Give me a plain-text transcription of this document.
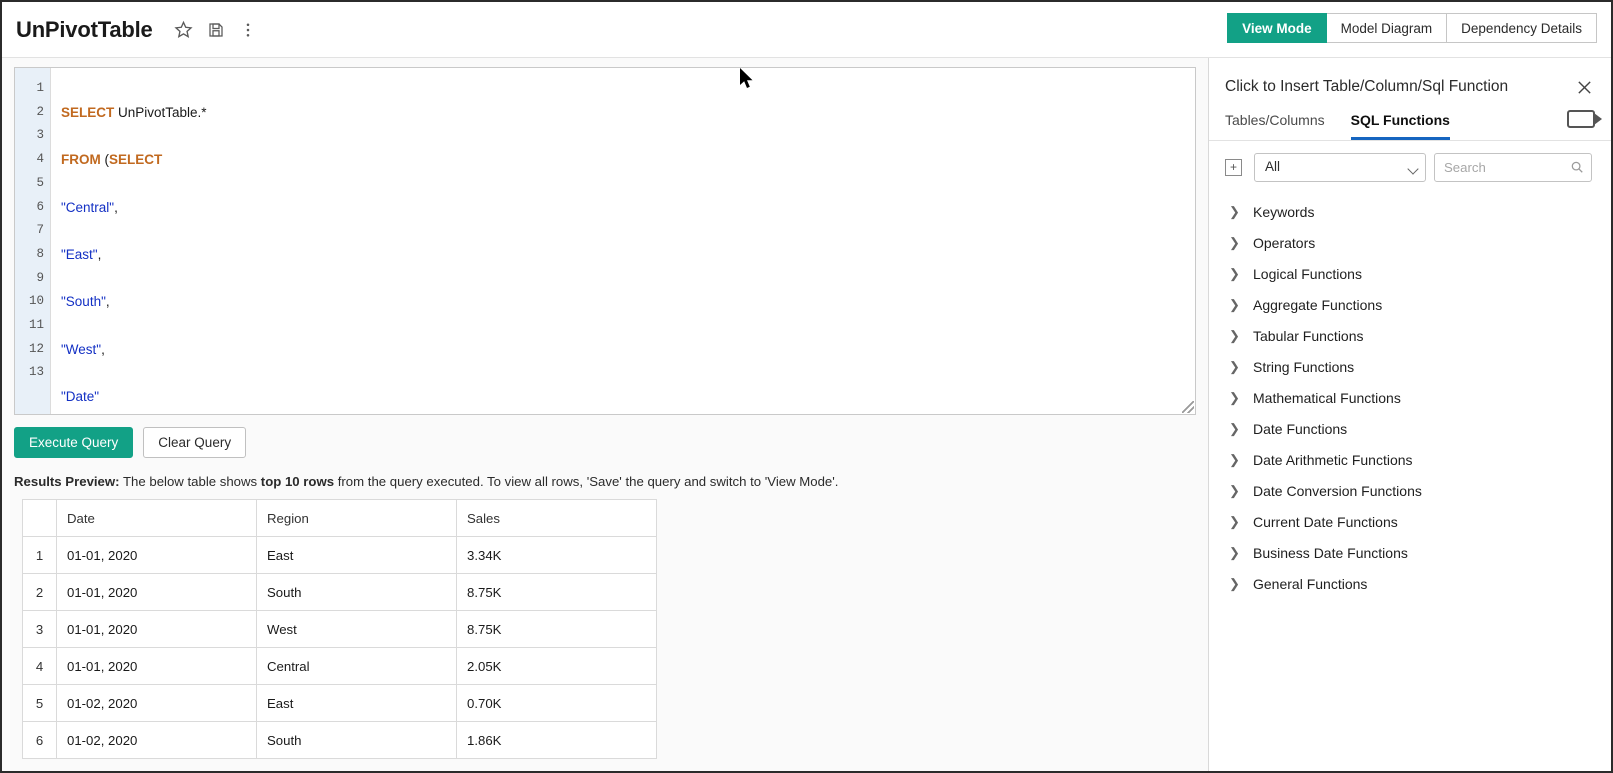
UnPivotTable	View Mode	Model Diagram	Dependency Details
1
2
3
4
5
6
7
8
9
10
11
12
13

SELECT UnPivotTable.*

FROM (SELECT

"Central",

"East",

"South",

"West",

"Date"

Execute Query	Clear Query
Results Preview: The below table shows top 10 rows from the query executed. To view all rows, 'Save' the query and switch to 'View Mode'.
	Date	Region	Sales
1	01-01, 2020	East	3.34K
2	01-01, 2020	South	8.75K
3	01-01, 2020	West	8.75K
4	01-01, 2020	Central	2.05K
5	01-02, 2020	East	0.70K
6	01-02, 2020	South	1.86K
Click to Insert Table/Column/Sql Function
Tables/Columns SQL Functions
+	All
Search
❯ Keywords
❯ Operators
❯ Logical Functions
❯ Aggregate Functions
❯ Tabular Functions
❯ String Functions
❯ Mathematical Functions
❯ Date Functions
❯ Date Arithmetic Functions
❯ Date Conversion Functions
❯ Current Date Functions
❯ Business Date Functions
❯ General Functions
